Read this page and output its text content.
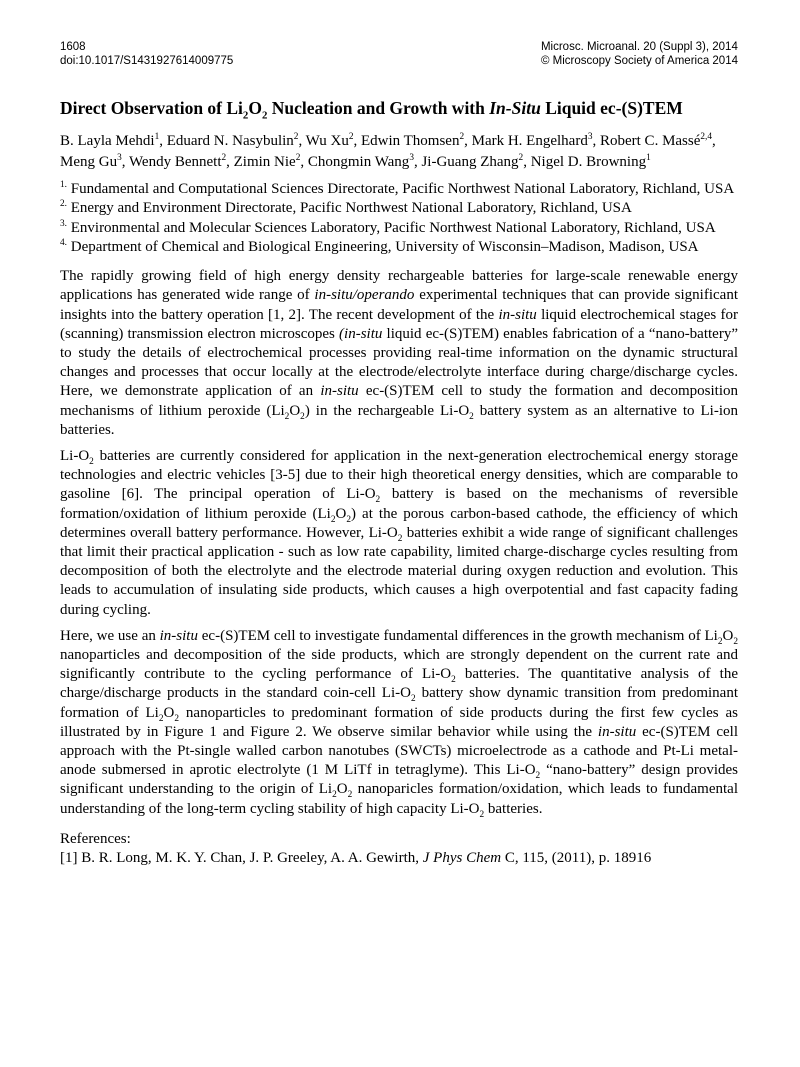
1608

doi:10.1017/S1431927614009775

Microsc. Microanal. 20 (Suppl 3), 2014

© Microscopy Society of America 2014

Direct Observation of $Li_2O_2$ Nucleation and Growth with In-Situ Liquid ec-(S)TEM

B. Layla Mehdi$^1$, Eduard N. Nasybulin$^2$, Wu Xu$^2$, Edwin Thomsen$^2$, Mark H. Engelhard$^3$, Robert C. Massé$^{2,4}$, Meng Gu$^3$, Wendy Bennett$^2$, Zimin Nie$^2$, Chongmin Wang$^3$, Ji-Guang Zhang$^2$, Nigel D. Browning$^1$

$^{1.}$ Fundamental and Computational Sciences Directorate, Pacific Northwest National Laboratory, Richland, USA

$^{2.}$ Energy and Environment Directorate, Pacific Northwest National Laboratory, Richland, USA

$^{3.}$ Environmental and Molecular Sciences Laboratory, Pacific Northwest National Laboratory, Richland, USA

$^{4.}$ Department of Chemical and Biological Engineering, University of Wisconsin–Madison, Madison, USA

The rapidly growing field of high energy density rechargeable batteries for large-scale renewable energy applications has generated wide range of in-situ/operando experimental techniques that can provide significant insights into the battery operation [1, 2]. The recent development of the in-situ liquid electrochemical stages for (scanning) transmission electron microscopes (in-situ liquid ec-(S)TEM) enables fabrication of a “nano-battery” to study the details of electrochemical processes providing real-time information on the dynamic structural changes and processes that occur locally at the electrode/electrolyte interface during charge/discharge cycles. Here, we demonstrate application of an in-situ ec-(S)TEM cell to study the formation and decomposition mechanisms of lithium peroxide $(Li_2O_2)$ in the rechargeable $Li-O_2$ battery system as an alternative to Li-ion batteries.

$Li-O_2$ batteries are currently considered for application in the next-generation electrochemical energy storage technologies and electric vehicles [3-5] due to their high theoretical energy densities, which are comparable to gasoline [6]. The principal operation of $Li-O_2$ battery is based on the mechanisms of reversible formation/oxidation of lithium peroxide $(Li_2O_2)$ at the porous carbon-based cathode, the efficiency of which determines overall battery performance. However, $Li-O_2$ batteries exhibit a wide range of significant challenges that limit their practical application - such as low rate capability, limited charge-discharge cycles resulting from decomposition of both the electrolyte and the electrode material during oxygen reduction and evolution. This leads to accumulation of insulating side products, which causes a high overpotential and fast capacity fading during cycling.

Here, we use an in-situ ec-(S)TEM cell to investigate fundamental differences in the growth mechanism of $Li_2O_2$ nanoparticles and decomposition of the side products, which are strongly dependent on the current rate and significantly contribute to the cycling performance of $Li-O_2$ batteries. The quantitative analysis of the charge/discharge products in the standard coin-cell $Li-O_2$ battery show dynamic transition from predominant formation of $Li_2O_2$ nanoparticles to predominant formation of side products during the first few cycles as illustrated by in Figure 1 and Figure 2. We observe similar behavior while using the in-situ ec-(S)TEM cell approach with the Pt-single walled carbon nanotubes (SWCTs) microelectrode as a cathode and Pt-Li metal-anode submersed in aprotic electrolyte (1 M LiTf in tetraglyme). This $Li-O_2$ “nano-battery” design provides significant understanding to the origin of $Li_2O_2$ nanoparicles formation/oxidation, which leads to fundamental understanding of the long-term cycling stability of high capacity $Li-O_2$ batteries.

References:

[1] B. R. Long, M. K. Y. Chan, J. P. Greeley, A. A. Gewirth, J Phys Chem C, 115, (2011), p. 18916
